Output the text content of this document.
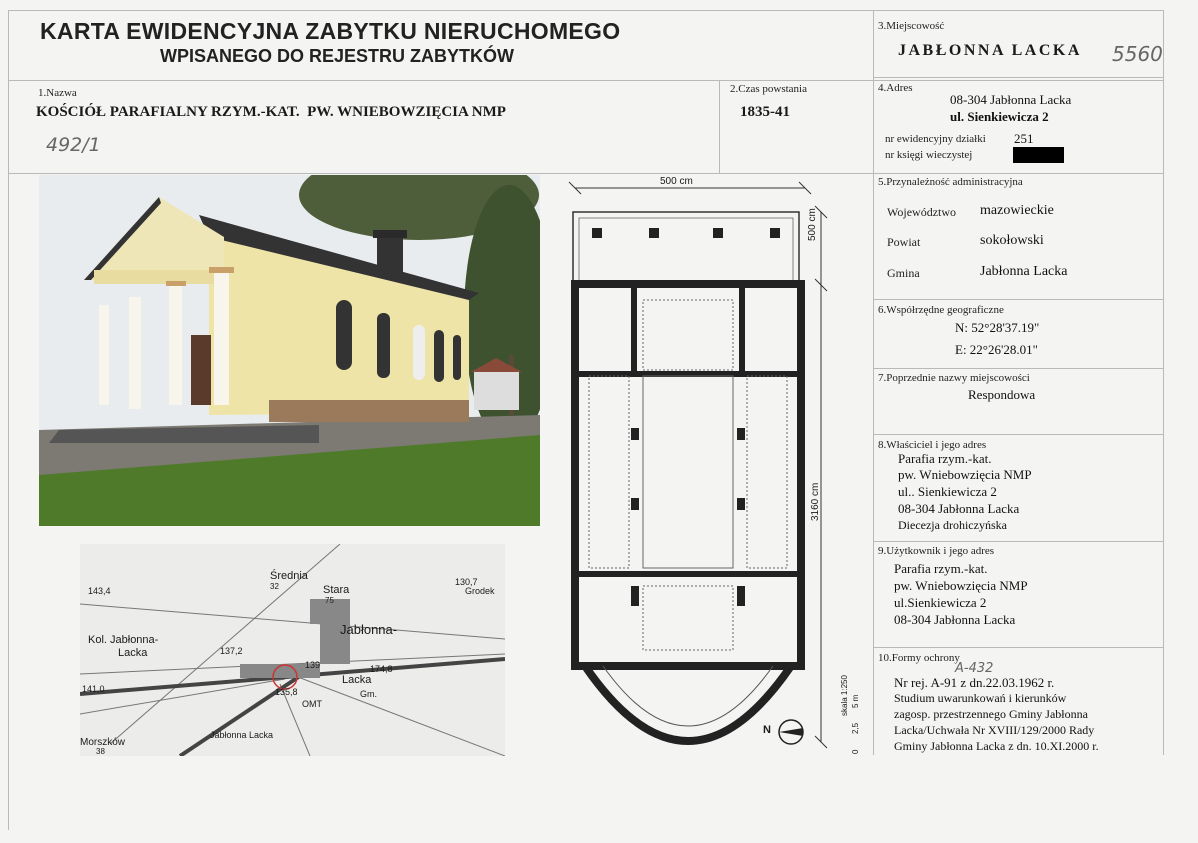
KARTA EWIDENCYJNA ZABYTKU NIERUCHOMEGO
WPISANEGO DO REJESTRU ZABYTKÓW
3.Miejscowość
JABŁONNA LACKA 5560
1.Nazwa
KOŚCIÓŁ PARAFIALNY RZYM.-KAT.  PW. WNIEBOWZIĘCIA NMP
492/1
2.Czas powstania
1835-41
4.Adres
08-304 Jabłonna Lacka
ul. Sienkiewicza 2
nr ewidencyjny działki 251
nr księgi wieczystej
5.Przynależność administracyjna
Województwo mazowieckie
Powiat	sokołowski
Gmina	Jabłonna Lacka
6.Współrzędne geograficzne
N: 52°28'37.19"
E: 22°26'28.01"
7.Poprzednie nazwy miejscowości
Respondowa
8.Właściciel i jego adres
Parafia rzym.-kat.
pw. Wniebowzięcia NMP
ul.. Sienkiewicza 2
08-304 Jabłonna Lacka
Diecezja drohiczyńska
9.Użytkownik i jego adres
Parafia rzym.-kat.
pw. Wniebowzięcia NMP
ul.Sienkiewicza 2
08-304 Jabłonna Lacka
10.Formy ochrony
A-432
Nr rej. A-91 z dn.22.03.1962 r.
Studium uwarunkowań i kierunków
zagosp. przestrzennego Gminy Jabłonna
Lacka/Uchwała Nr XVIII/129/2000 Rady
Gminy Jabłonna Lacka z dn. 10.XI.2000 r.
Średnia
Stara
Jabłonna-
Kol. Jabłonna-
Lacka
Lacka
Gm.
Grodek
Morszków
OMT
Jabłonna Lacka
143,4
130,7
137,2
139	174,8
135,8
141,0
32
75
38
500 cm
500 cm
3160 cm
skala 1:250
0
2,5
5 m
N
